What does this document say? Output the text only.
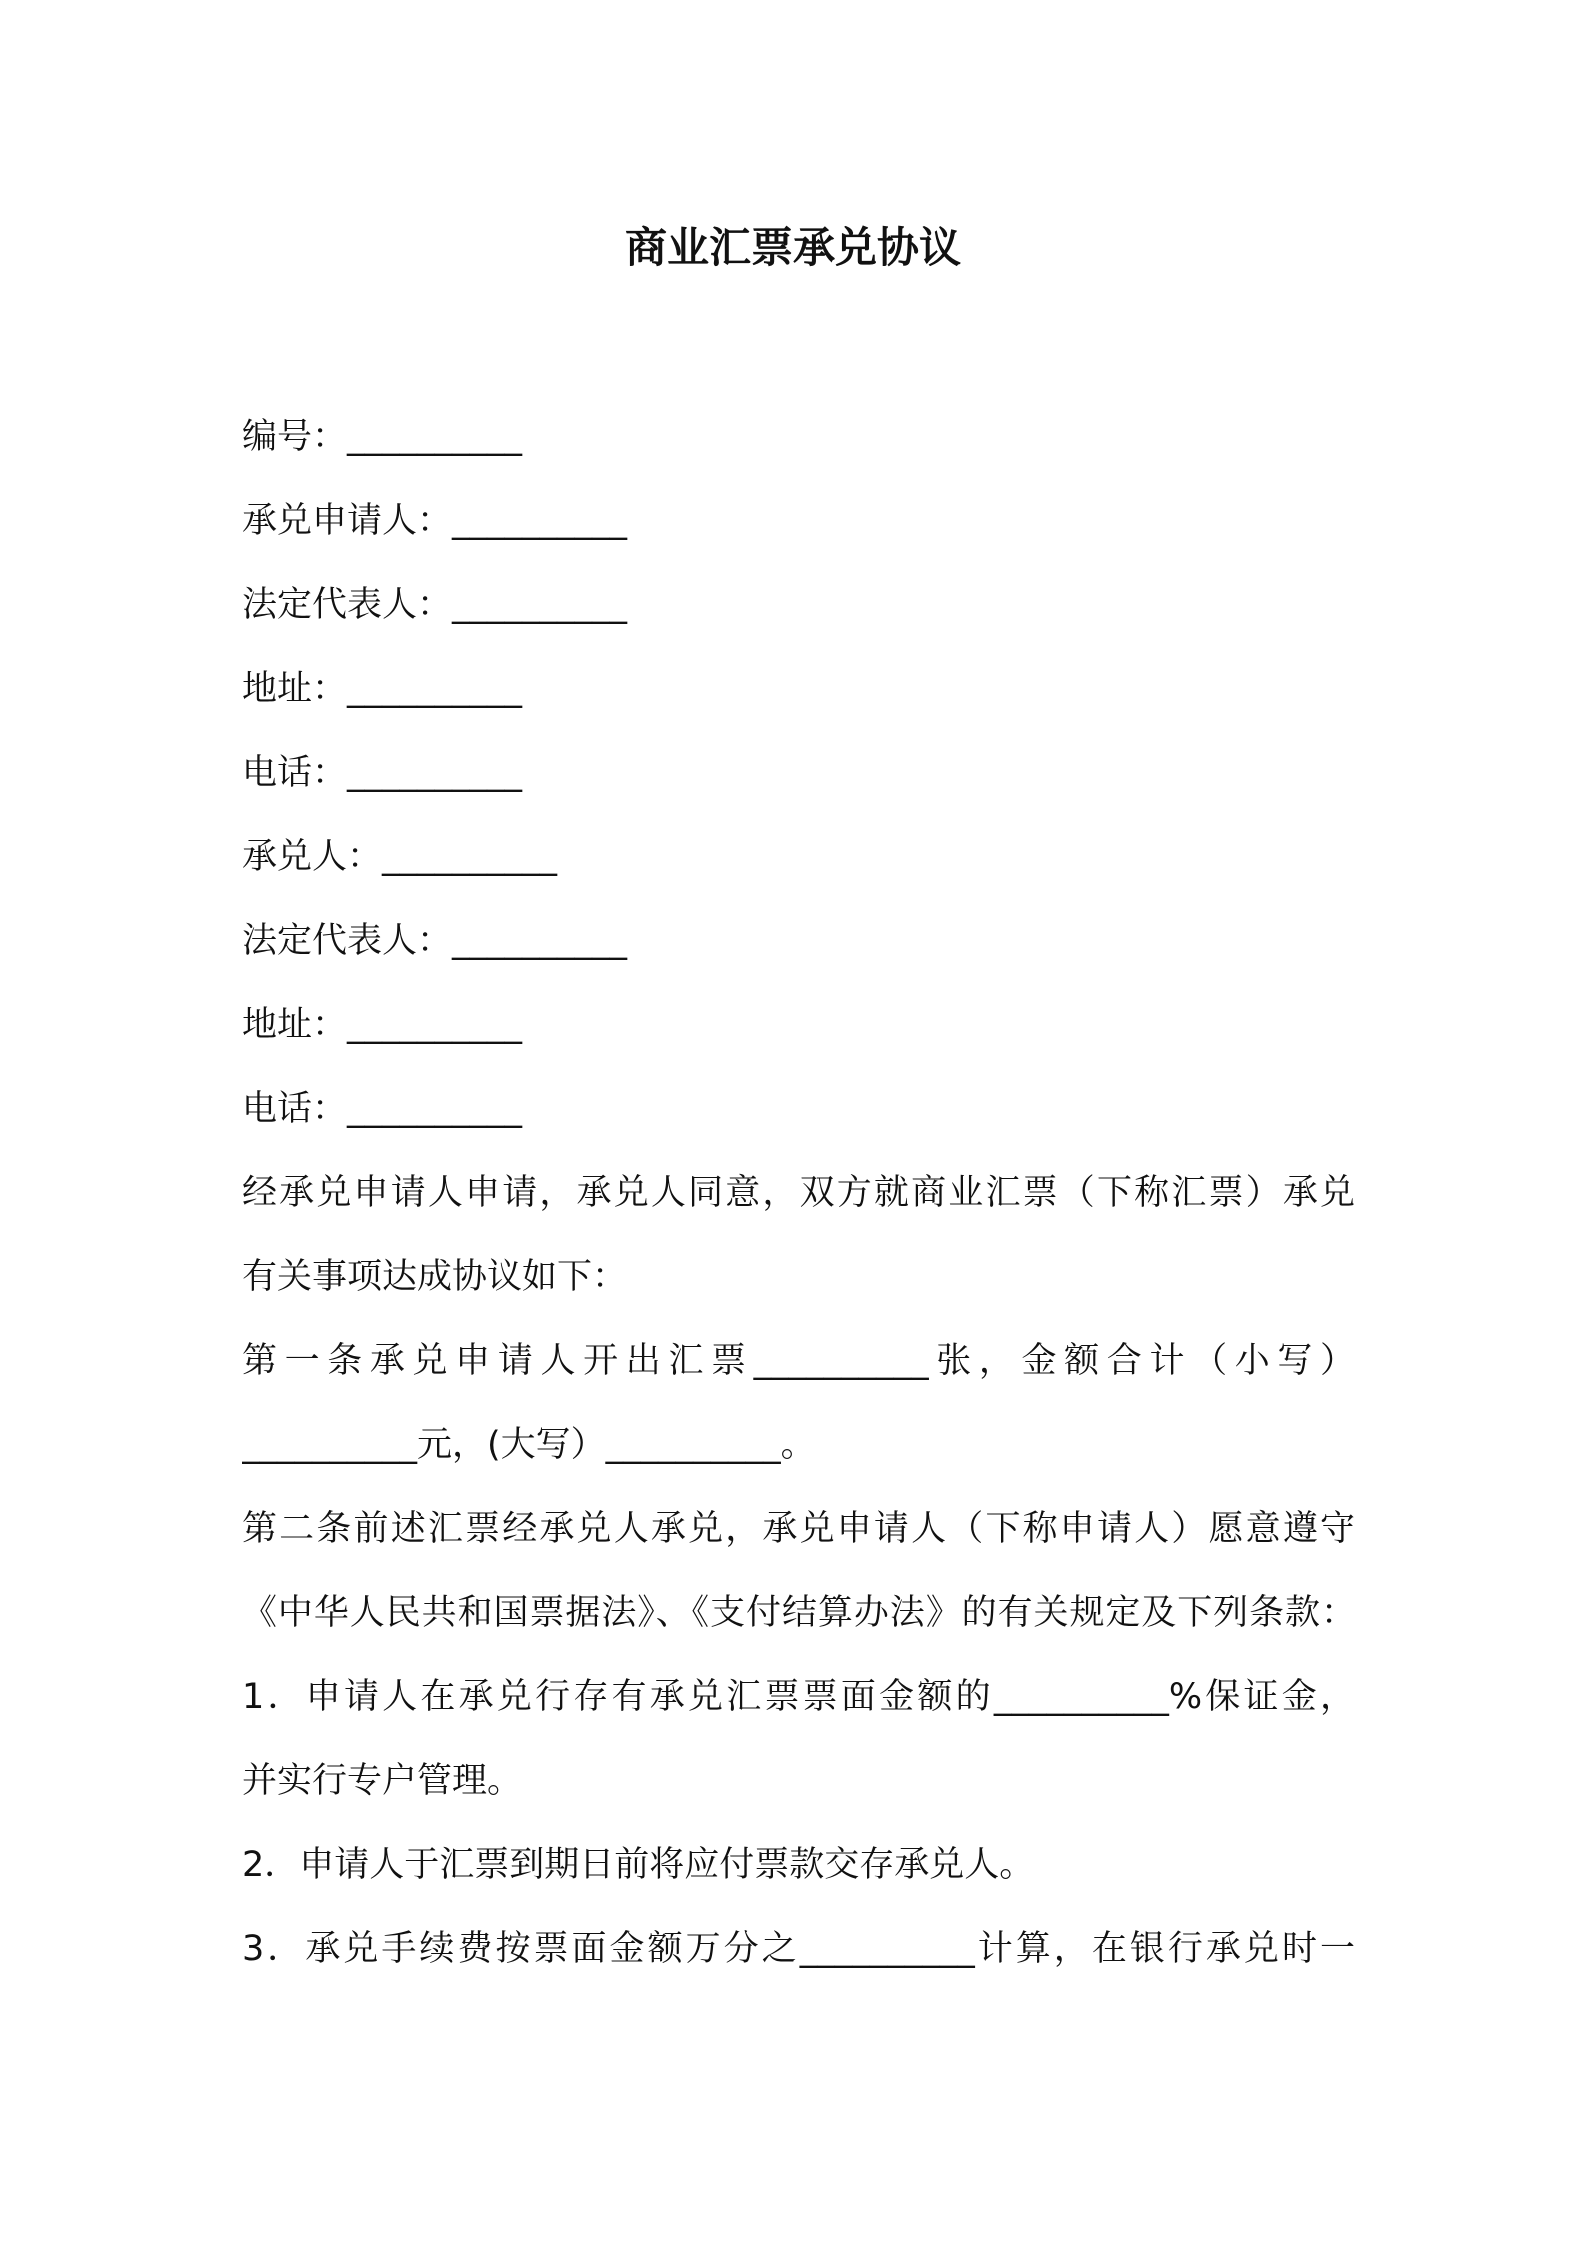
商业汇票承兑协议
编号：__________
承兑申请人：__________
法定代表人：__________
地址：__________
电话：__________
承兑人：__________
法定代表人：__________
地址：__________
电话：__________
经承兑申请人申请，承兑人同意，双方就商业汇票（下称汇票）承兑
有关事项达成协议如下：
第一条承兑申请人开出汇票__________张，金额合计（小写）
__________元，(大写）__________。
第二条前述汇票经承兑人承兑，承兑申请人（下称申请人）愿意遵守
《中华人民共和国票据法》、《支付结算办法》的有关规定及下列条款：
1．申请人在承兑行存有承兑汇票票面金额的__________%保证金，
并实行专户管理。
2．申请人于汇票到期日前将应付票款交存承兑人。
3．承兑手续费按票面金额万分之__________计算，在银行承兑时一
